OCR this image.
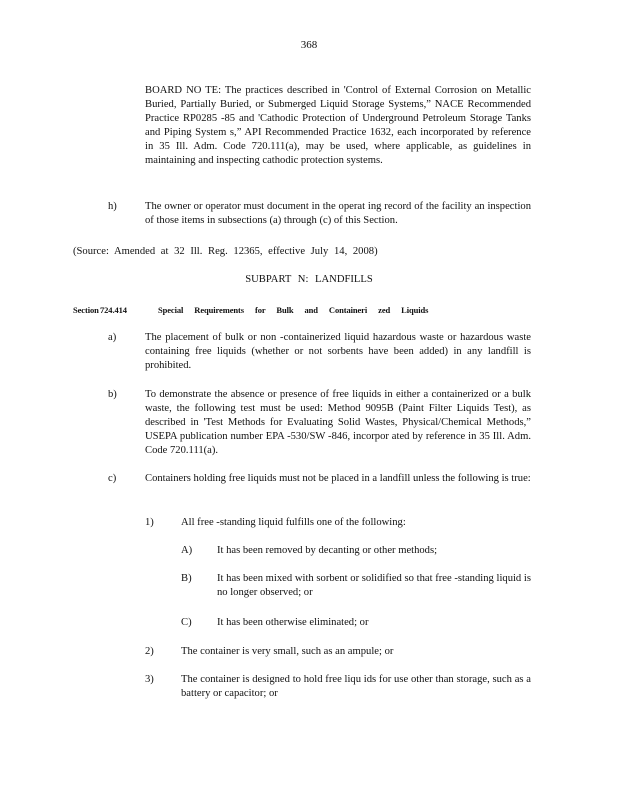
368
BOARD NO TE: The practices described in 'Control of External Corrosion on Metallic Buried, Partially Buried, or Submerged Liquid Storage Systems,” NACE Recommended Practice RP0285 -85 and 'Cathodic Protection of Underground Petroleum Storage Tanks and Piping System s,” API Recommended Practice 1632, each incorporated by reference in 35 Ill. Adm. Code 720.111(a), may be used, where applicable, as guidelines in maintaining and inspecting cathodic protection systems.
h)	The owner or operator must document in the operat ing record of the facility an inspection of those items in subsections (a) through (c) of this Section.
(Source: Amended at 32 Ill. Reg. 12365, effective July 14, 2008)
SUBPART N: LANDFILLS
Section 724.414	Special Requirements for Bulk and Containeri zed Liquids
a)	The placement of bulk or non -containerized liquid hazardous waste or hazardous waste containing free liquids (whether or not sorbents have been added) in any landfill is prohibited.
b)	To demonstrate the absence or presence of free liquids in either a containerized or a bulk waste, the following test must be used: Method 9095B (Paint Filter Liquids Test), as described in 'Test Methods for Evaluating Solid Wastes, Physical/Chemical Methods,” USEPA publication number EPA -530/SW -846, incorpor ated by reference in 35 Ill. Adm. Code 720.111(a).
c)	Containers holding free liquids must not be placed in a landfill unless the following is true:
1)	All free -standing liquid fulfills one of the following:
A) It has been removed by decanting or other methods;
B) It has been mixed with sorbent or solidified so that free -standing liquid is no longer observed; or
C) It has been otherwise eliminated; or
2)	The container is very small, such as an ampule; or
3)	The container is designed to hold free liqu ids for use other than storage, such as a battery or capacitor; or
